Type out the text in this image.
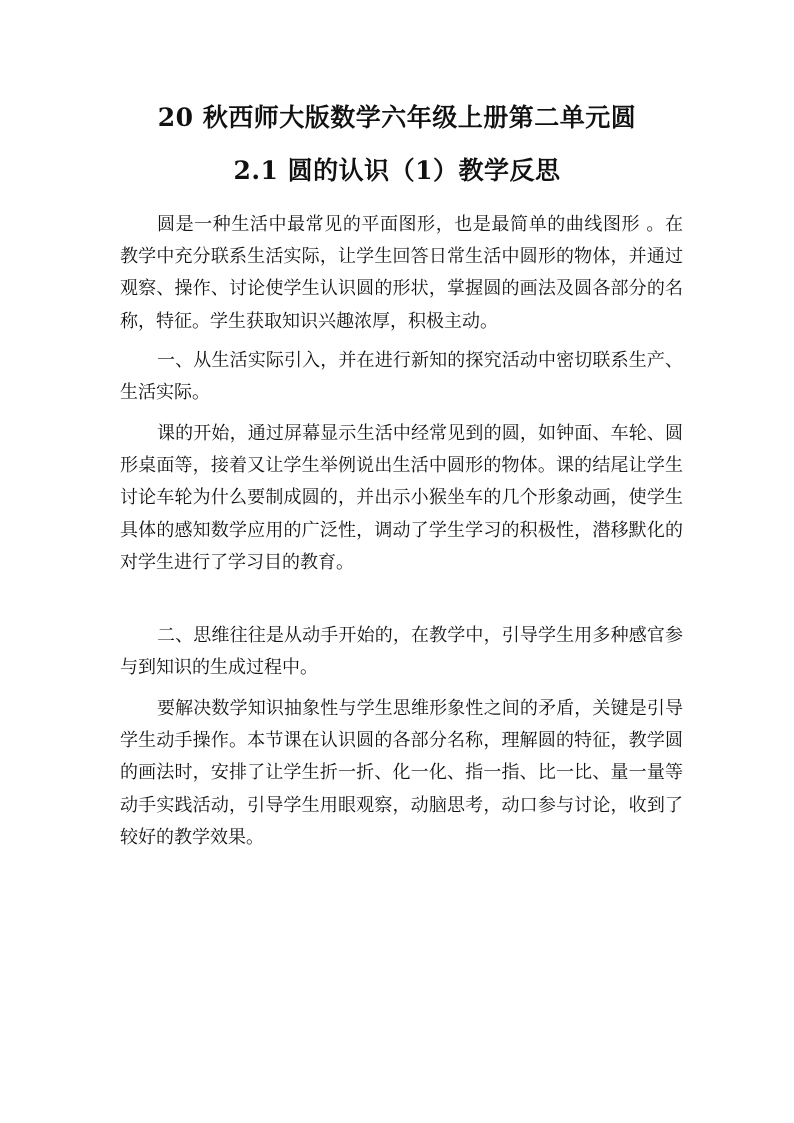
20 秋西师大版数学六年级上册第二单元圆
2.1 圆的认识（1）教学反思

圆是一种生活中最常见的平面图形，也是最简单的曲线图形 。在教学中充分联系生活实际，让学生回答日常生活中圆形的物体，并通过观察、操作、讨论使学生认识圆的形状，掌握圆的画法及圆各部分的名称，特征。学生获取知识兴趣浓厚，积极主动。

一、从生活实际引入，并在进行新知的探究活动中密切联系生产、生活实际。

课的开始，通过屏幕显示生活中经常见到的圆，如钟面、车轮、圆形桌面等，接着又让学生举例说出生活中圆形的物体。课的结尾让学生讨论车轮为什么要制成圆的，并出示小猴坐车的几个形象动画，使学生具体的感知数学应用的广泛性，调动了学生学习的积极性，潜移默化的对学生进行了学习目的教育。

二、思维往往是从动手开始的，在教学中，引导学生用多种感官参与到知识的生成过程中。

要解决数学知识抽象性与学生思维形象性之间的矛盾，关键是引导学生动手操作。本节课在认识圆的各部分名称，理解圆的特征，教学圆的画法时，安排了让学生折一折、化一化、指一指、比一比、量一量等动手实践活动，引导学生用眼观察，动脑思考，动口参与讨论，收到了较好的教学效果。
